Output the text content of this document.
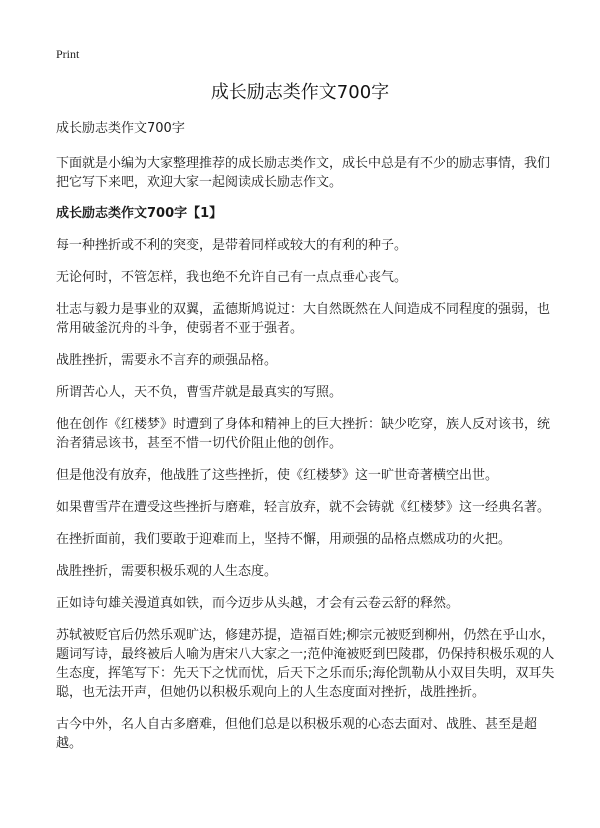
Print
成长励志类作文700字
成长励志类作文700字
下面就是小编为大家整理推荐的成长励志类作文，成长中总是有不少的励志事情，我们把它写下来吧，欢迎大家一起阅读成长励志作文。
成长励志类作文700字【1】
每一种挫折或不利的突变，是带着同样或较大的有利的种子。
无论何时，不管怎样，我也绝不允许自己有一点点垂心丧气。
壮志与毅力是事业的双翼，孟德斯鸠说过：大自然既然在人间造成不同程度的强弱，也常用破釜沉舟的斗争，使弱者不亚于强者。
战胜挫折，需要永不言弃的顽强品格。
所谓苦心人，天不负，曹雪芹就是最真实的写照。
他在创作《红楼梦》时遭到了身体和精神上的巨大挫折：缺少吃穿，族人反对该书，统治者猜忌该书，甚至不惜一切代价阻止他的创作。
但是他没有放弃，他战胜了这些挫折，使《红楼梦》这一旷世奇著横空出世。
如果曹雪芹在遭受这些挫折与磨难，轻言放弃，就不会铸就《红楼梦》这一经典名著。
在挫折面前，我们要敢于迎难而上，坚持不懈，用顽强的品格点燃成功的火把。
战胜挫折，需要积极乐观的人生态度。
正如诗句雄关漫道真如铁，而今迈步从头越，才会有云卷云舒的释然。
苏轼被贬官后仍然乐观旷达，修建苏提，造福百姓;柳宗元被贬到柳州，仍然在乎山水，题词写诗，最终被后人喻为唐宋八大家之一;范仲淹被贬到巴陵郡，仍保持积极乐观的人生态度，挥笔写下：先天下之忧而忧，后天下之乐而乐;海伦凯勒从小双目失明，双耳失聪，也无法开声，但她仍以积极乐观向上的人生态度面对挫折，战胜挫折。
古今中外，名人自古多磨难，但他们总是以积极乐观的心态去面对、战胜、甚至是超越。
